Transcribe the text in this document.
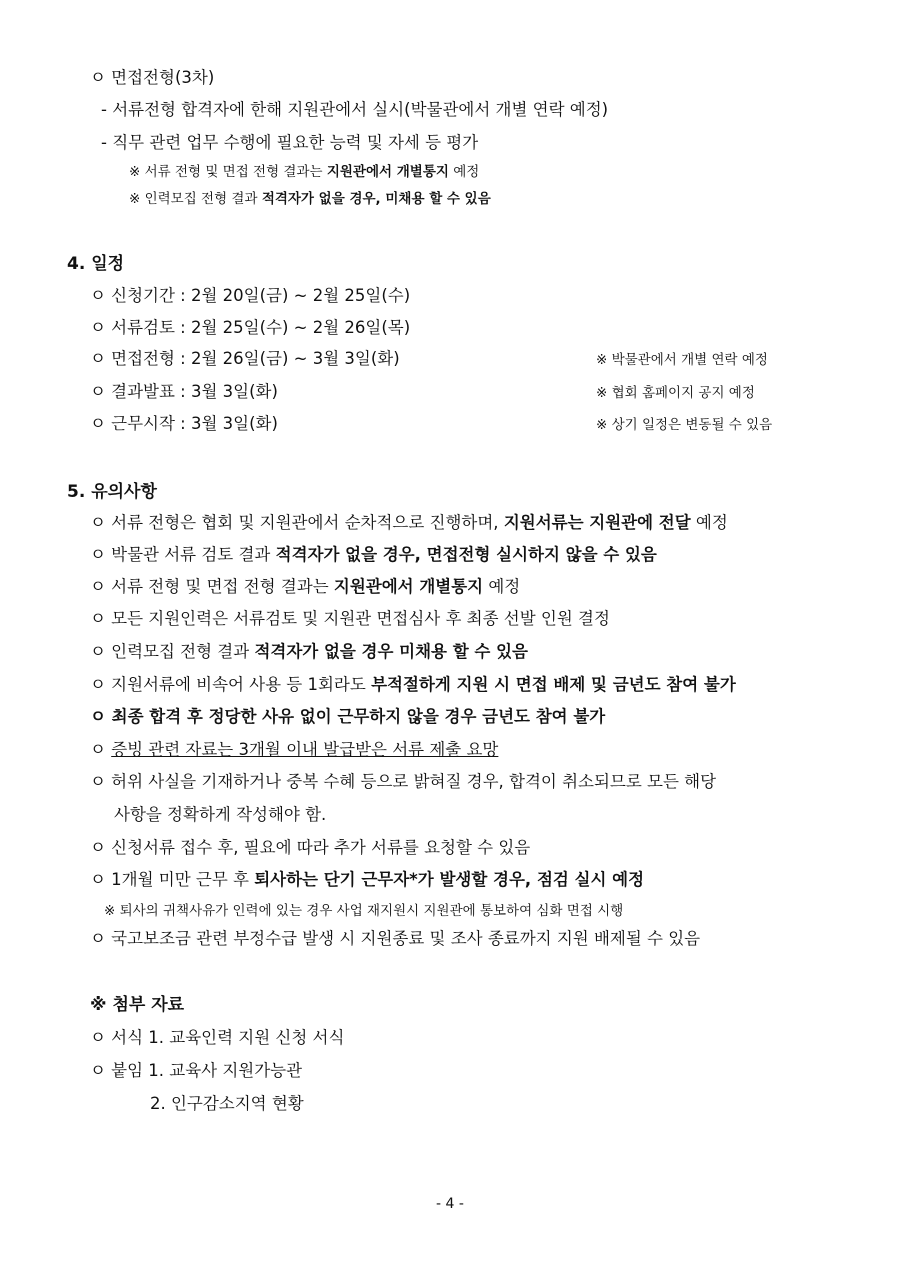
ㅇ 면접전형(3차)
- 서류전형 합격자에 한해 지원관에서 실시(박물관에서 개별 연락 예정)
- 직무 관련 업무 수행에 필요한 능력 및 자세 등 평가
※ 서류 전형 및 면접 전형 결과는 지원관에서 개별통지 예정
※ 인력모집 전형 결과 적격자가 없을 경우, 미채용 할 수 있음
4. 일정
ㅇ 신청기간 : 2월 20일(금) ~ 2월 25일(수)
ㅇ 서류검토 : 2월 25일(수) ~ 2월 26일(목)
ㅇ 면접전형 : 2월 26일(금) ~ 3월 3일(화)	※ 박물관에서 개별 연락 예정
ㅇ 결과발표 : 3월 3일(화)	※ 협회 홈페이지 공지 예정
ㅇ 근무시작 : 3월 3일(화)	※ 상기 일정은 변동될 수 있음
5. 유의사항
ㅇ 서류 전형은 협회 및 지원관에서 순차적으로 진행하며, 지원서류는 지원관에 전달 예정
ㅇ 박물관 서류 검토 결과 적격자가 없을 경우, 면접전형 실시하지 않을 수 있음
ㅇ 서류 전형 및 면접 전형 결과는 지원관에서 개별통지 예정
ㅇ 모든 지원인력은 서류검토 및 지원관 면접심사 후 최종 선발 인원 결정
ㅇ 인력모집 전형 결과 적격자가 없을 경우 미채용 할 수 있음
ㅇ 지원서류에 비속어 사용 등 1회라도 부적절하게 지원 시 면접 배제 및 금년도 참여 불가
ㅇ 최종 합격 후 정당한 사유 없이 근무하지 않을 경우 금년도 참여 불가
ㅇ 증빙 관련 자료는 3개월 이내 발급받은 서류 제출 요망
ㅇ 허위 사실을 기재하거나 중복 수혜 등으로 밝혀질 경우, 합격이 취소되므로 모든 해당
사항을 정확하게 작성해야 함.
ㅇ 신청서류 접수 후, 필요에 따라 추가 서류를 요청할 수 있음
ㅇ 1개월 미만 근무 후 퇴사하는 단기 근무자*가 발생할 경우, 점검 실시 예정
※ 퇴사의 귀책사유가 인력에 있는 경우 사업 재지원시 지원관에 통보하여 심화 면접 시행
ㅇ 국고보조금 관련 부정수급 발생 시 지원종료 및 조사 종료까지 지원 배제될 수 있음
※ 첨부 자료
ㅇ 서식 1. 교육인력 지원 신청 서식
ㅇ 붙임 1. 교육사 지원가능관
2. 인구감소지역 현황
- 4 -
